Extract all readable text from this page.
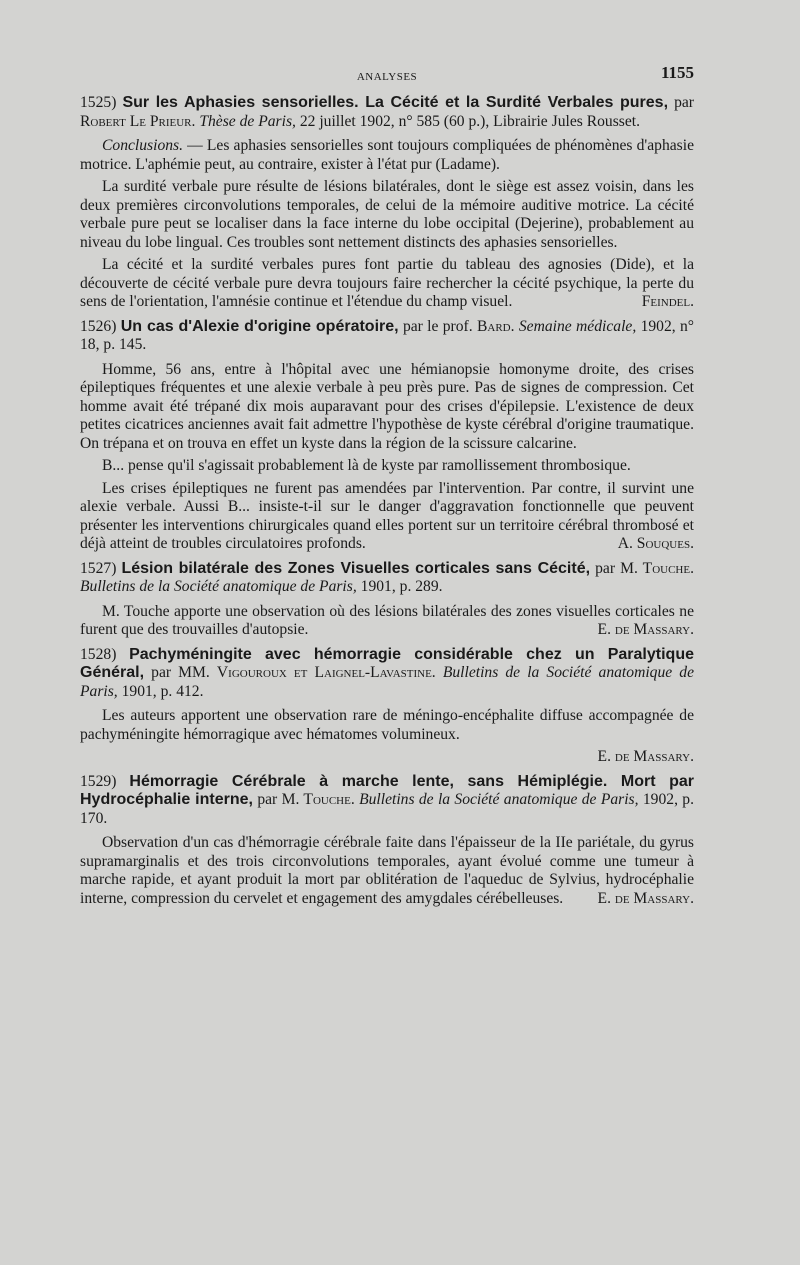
ANALYSES	1155

1525) Sur les Aphasies sensorielles. La Cécité et la Surdité Verbales pures, par Robert Le Prieur. Thèse de Paris, 22 juillet 1902, n° 585 (60 p.), Librairie Jules Rousset.

Conclusions. — Les aphasies sensorielles sont toujours compliquées de phénomènes d'aphasie motrice. L'aphémie peut, au contraire, exister à l'état pur (Ladame).

La surdité verbale pure résulte de lésions bilatérales, dont le siège est assez voisin, dans les deux premières circonvolutions temporales, de celui de la mémoire auditive motrice. La cécité verbale pure peut se localiser dans la face interne du lobe occipital (Dejerine), probablement au niveau du lobe lingual. Ces troubles sont nettement distincts des aphasies sensorielles.

La cécité et la surdité verbales pures font partie du tableau des agnosies (Dide), et la découverte de cécité verbale pure devra toujours faire rechercher la cécité psychique, la perte du sens de l'orientation, l'amnésie continue et l'étendue du champ visuel.	Feindel.

1526) Un cas d'Alexie d'origine opératoire, par le prof. Bard. Semaine médicale, 1902, n° 18, p. 145.

Homme, 56 ans, entre à l'hôpital avec une hémianopsie homonyme droite, des crises épileptiques fréquentes et une alexie verbale à peu près pure. Pas de signes de compression. Cet homme avait été trépané dix mois auparavant pour des crises d'épilepsie. L'existence de deux petites cicatrices anciennes avait fait admettre l'hypothèse de kyste cérébral d'origine traumatique. On trépana et on trouva en effet un kyste dans la région de la scissure calcarine.

B... pense qu'il s'agissait probablement là de kyste par ramollissement thrombosique.

Les crises épileptiques ne furent pas amendées par l'intervention. Par contre, il survint une alexie verbale. Aussi B... insiste-t-il sur le danger d'aggravation fonctionnelle que peuvent présenter les interventions chirurgicales quand elles portent sur un territoire cérébral thrombosé et déjà atteint de troubles circulatoires profonds.	A. Souques.

1527) Lésion bilatérale des Zones Visuelles corticales sans Cécité, par M. Touche. Bulletins de la Société anatomique de Paris, 1901, p. 289.

M. Touche apporte une observation où des lésions bilatérales des zones visuelles corticales ne furent que des trouvailles d'autopsie.	E. de Massary.

1528) Pachyméningite avec hémorragie considérable chez un Paralytique Général, par MM. Vigouroux et Laignel-Lavastine. Bulletins de la Société anatomique de Paris, 1901, p. 412.

Les auteurs apportent une observation rare de méningo-encéphalite diffuse accompagnée de pachyméningite hémorragique avec hématomes volumineux.

E. de Massary.

1529) Hémorragie Cérébrale à marche lente, sans Hémiplégie. Mort par Hydrocéphalie interne, par M. Touche. Bulletins de la Société anatomique de Paris, 1902, p. 170.

Observation d'un cas d'hémorragie cérébrale faite dans l'épaisseur de la IIe pariétale, du gyrus supramarginalis et des trois circonvolutions temporales, ayant évolué comme une tumeur à marche rapide, et ayant produit la mort par oblitération de l'aqueduc de Sylvius, hydrocéphalie interne, compression du cervelet et engagement des amygdales cérébelleuses.	E. de Massary.
